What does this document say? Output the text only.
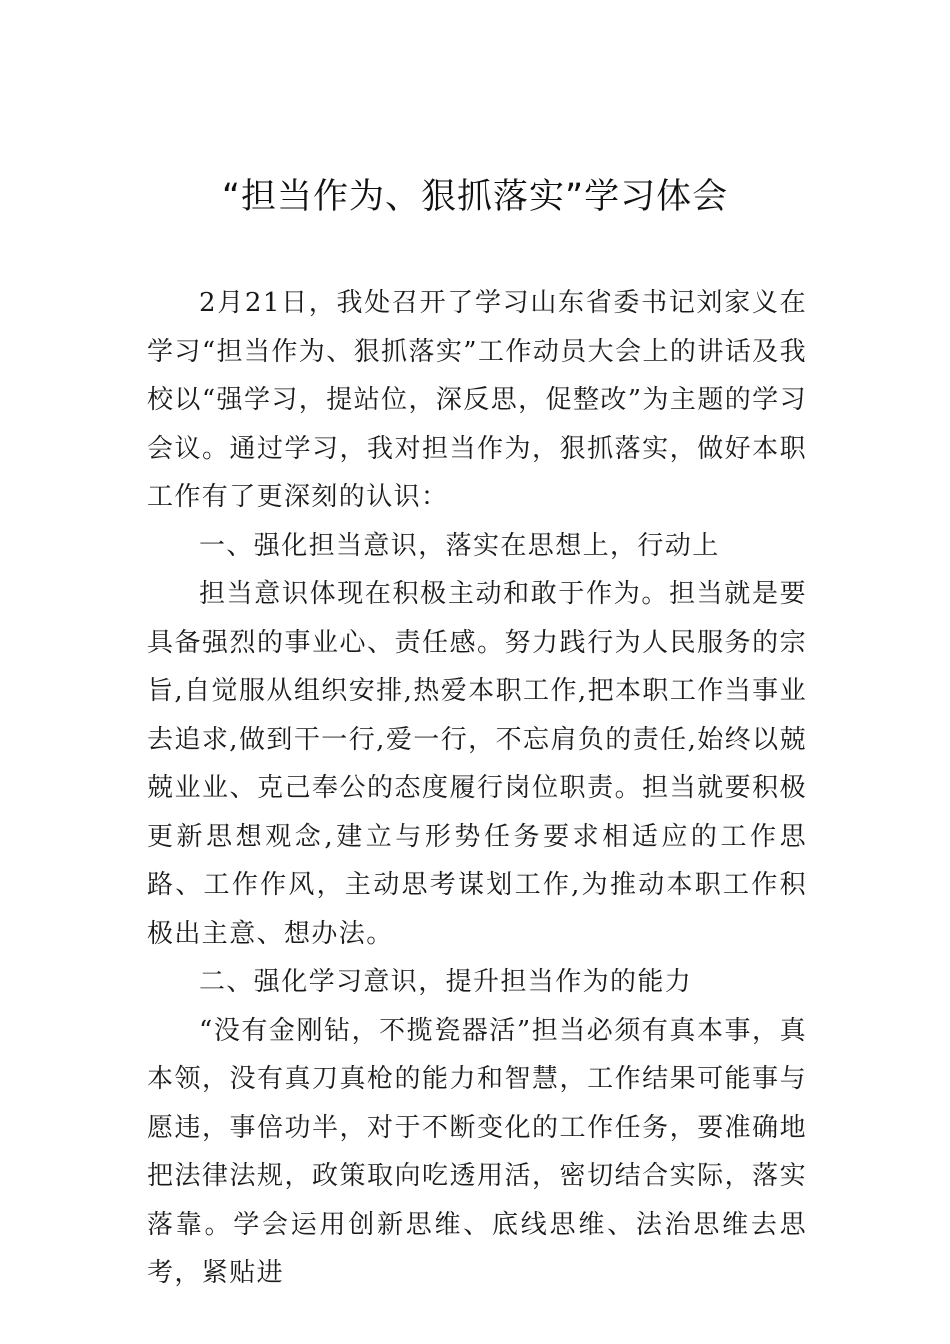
“担当作为、狠抓落实”学习体会

2月21日，我处召开了学习山东省委书记刘家义在学习“担当作为、狠抓落实”工作动员大会上的讲话及我校以“强学习，提站位，深反思，促整改”为主题的学习会议。通过学习，我对担当作为，狠抓落实，做好本职工作有了更深刻的认识：

一、强化担当意识，落实在思想上，行动上

担当意识体现在积极主动和敢于作为。担当就是要具备强烈的事业心、责任感。努力践行为人民服务的宗旨,自觉服从组织安排,热爱本职工作,把本职工作当事业去追求,做到干一行,爱一行，不忘肩负的责任,始终以兢兢业业、克己奉公的态度履行岗位职责。担当就要积极更新思想观念,建立与形势任务要求相适应的工作思路、工作作风，主动思考谋划工作,为推动本职工作积极出主意、想办法。

二、强化学习意识，提升担当作为的能力

“没有金刚钻，不揽瓷器活”担当必须有真本事，真本领，没有真刀真枪的能力和智慧，工作结果可能事与愿违，事倍功半，对于不断变化的工作任务，要准确地把法律法规，政策取向吃透用活，密切结合实际，落实落靠。学会运用创新思维、底线思维、法治思维去思考，紧贴进
